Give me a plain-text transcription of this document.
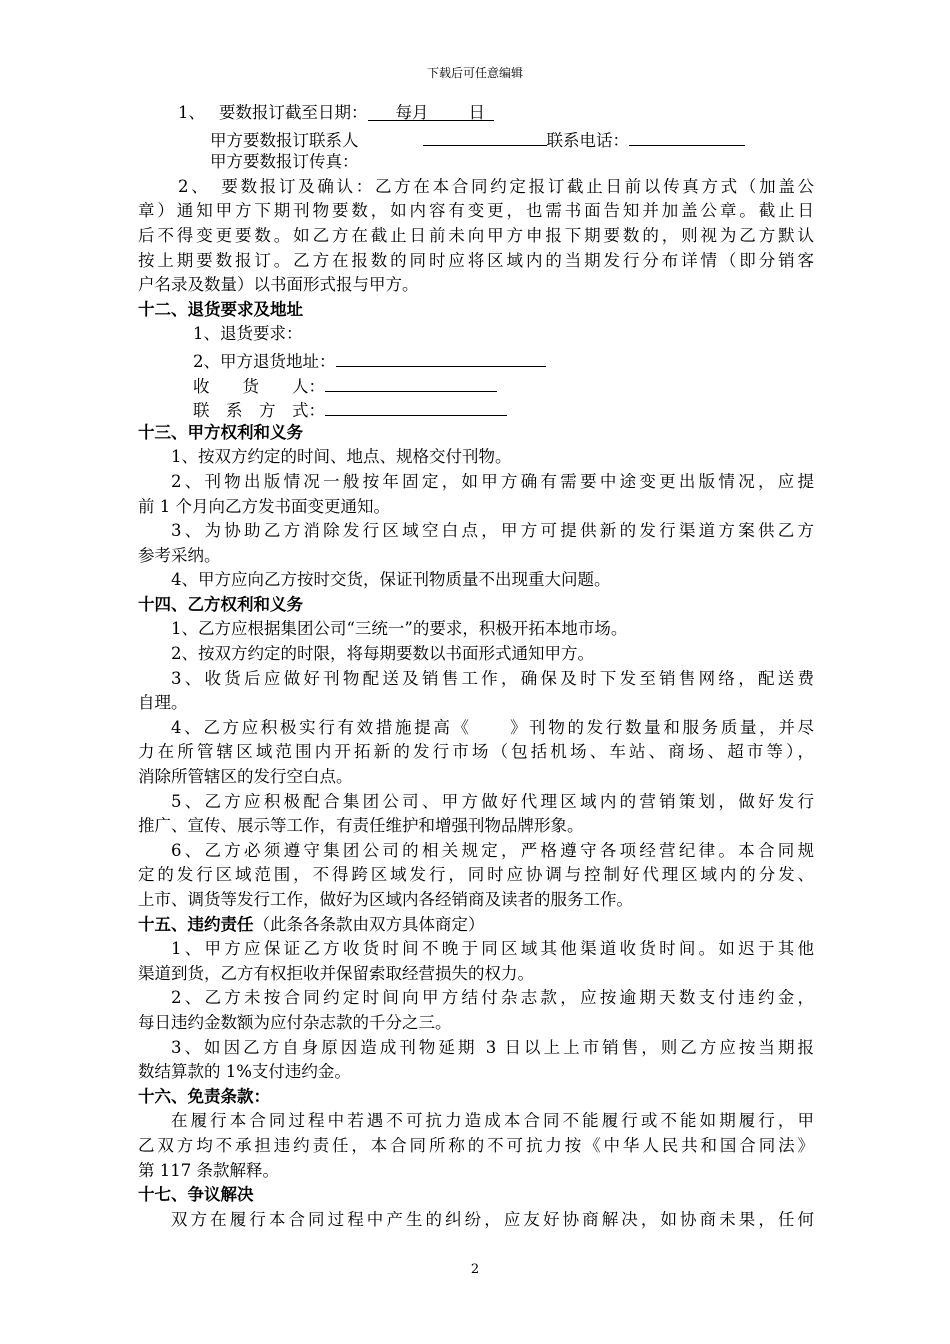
下载后可任意编辑
1、 要数报订截至日期： 每月 日
甲方要数报订联系人	联系电话：
甲方要数报订传真：
2、　要数报订及确认：乙方在本合同约定报订截止日前以传真方式（加盖公
章）通知甲方下期刊物要数，如内容有变更，也需书面告知并加盖公章。截止日
后不得变更要数。如乙方在截止日前未向甲方申报下期要数的，则视为乙方默认
按上期要数报订。乙方在报数的同时应将区域内的当期发行分布详情（即分销客
户名录及数量）以书面形式报与甲方。
十二、退货要求及地址
1、退货要求：
2、甲方退货地址：
收　　货　　人：
联　系　方　式：
十三、甲方权利和义务
1、按双方约定的时间、地点、规格交付刊物。
2、刊物出版情况一般按年固定，如甲方确有需要中途变更出版情况，应提
前 1 个月向乙方发书面变更通知。
3、为协助乙方消除发行区域空白点，甲方可提供新的发行渠道方案供乙方
参考采纳。
4、甲方应向乙方按时交货，保证刊物质量不出现重大问题。
十四、乙方权利和义务
1、乙方应根据集团公司“三统一”的要求，积极开拓本地市场。
2、按双方约定的时限，将每期要数以书面形式通知甲方。
3、收货后应做好刊物配送及销售工作，确保及时下发至销售网络，配送费
自理。
4、乙方应积极实行有效措施提高《　　》刊物的发行数量和服务质量，并尽
力在所管辖区域范围内开拓新的发行市场（包括机场、车站、商场、超市等），
消除所管辖区的发行空白点。
5、乙方应积极配合集团公司、甲方做好代理区域内的营销策划，做好发行
推广、宣传、展示等工作，有责任维护和增强刊物品牌形象。
6、乙方必须遵守集团公司的相关规定，严格遵守各项经营纪律。本合同规
定的发行区域范围，不得跨区域发行，同时应协调与控制好代理区域内的分发、
上市、调货等发行工作，做好为区域内各经销商及读者的服务工作。
十五、违约责任（此条各条款由双方具体商定）
1、甲方应保证乙方收货时间不晚于同区域其他渠道收货时间。如迟于其他
渠道到货，乙方有权拒收并保留索取经营损失的权力。
2、乙方未按合同约定时间向甲方结付杂志款，应按逾期天数支付违约金，
每日违约金数额为应付杂志款的千分之三。
3、如因乙方自身原因造成刊物延期 3 日以上上市销售，则乙方应按当期报
数结算款的 1%支付违约金。
十六、免责条款：
在履行本合同过程中若遇不可抗力造成本合同不能履行或不能如期履行，甲
乙双方均不承担违约责任，本合同所称的不可抗力按《中华人民共和国合同法》
第 117 条款解释。
十七、争议解决
双方在履行本合同过程中产生的纠纷，应友好协商解决，如协商未果，任何
2
